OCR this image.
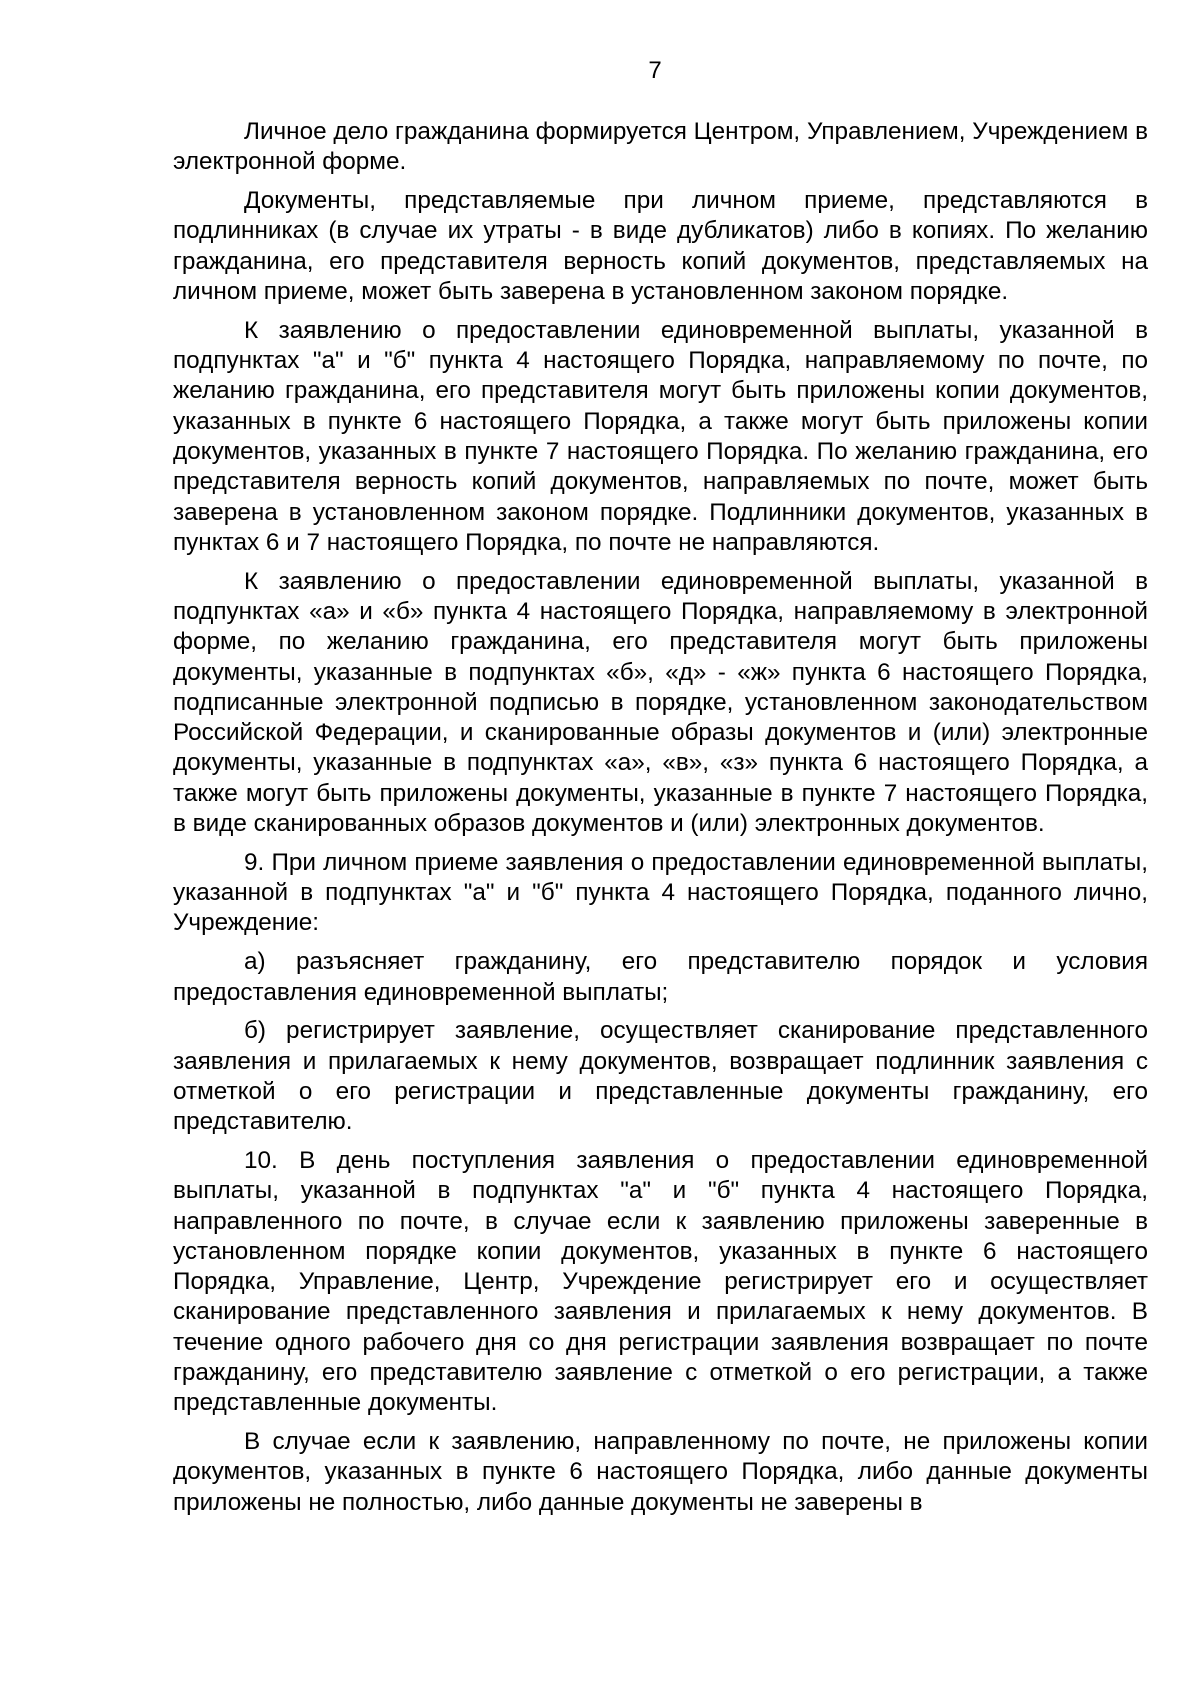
7

Личное дело гражданина формируется Центром, Управлением, Учреждением в электронной форме.

Документы, представляемые при личном приеме, представляются в подлинниках (в случае их утраты - в виде дубликатов) либо в копиях. По желанию гражданина, его представителя верность копий документов, представляемых на личном приеме, может быть заверена в установленном законом порядке.

К заявлению о предоставлении единовременной выплаты, указанной в подпунктах "а" и "б" пункта 4 настоящего Порядка, направляемому по почте, по желанию гражданина, его представителя могут быть приложены копии документов, указанных в пункте 6 настоящего Порядка, а также могут быть приложены копии документов, указанных в пункте 7 настоящего Порядка. По желанию гражданина, его представителя верность копий документов, направляемых по почте, может быть заверена в установленном законом порядке. Подлинники документов, указанных в пунктах 6 и 7 настоящего Порядка, по почте не направляются.

К заявлению о предоставлении единовременной выплаты, указанной в подпунктах «а» и «б» пункта 4 настоящего Порядка, направляемому в электронной форме, по желанию гражданина, его представителя могут быть приложены документы, указанные в подпунктах «б», «д» - «ж» пункта 6 настоящего Порядка, подписанные электронной подписью в порядке, установленном законодательством Российской Федерации, и сканированные образы документов и (или) электронные документы, указанные в подпунктах «а», «в», «з» пункта 6 настоящего Порядка, а также могут быть приложены документы, указанные в пункте 7 настоящего Порядка, в виде сканированных образов документов и (или) электронных документов.

9. При личном приеме заявления о предоставлении единовременной выплаты, указанной в подпунктах "а" и "б" пункта 4 настоящего Порядка, поданного лично, Учреждение:

а) разъясняет гражданину, его представителю порядок и условия предоставления единовременной выплаты;

б) регистрирует заявление, осуществляет сканирование представленного заявления и прилагаемых к нему документов, возвращает подлинник заявления с отметкой о его регистрации и представленные документы гражданину, его представителю.

10. В день поступления заявления о предоставлении единовременной выплаты, указанной в подпунктах "а" и "б" пункта 4 настоящего Порядка, направленного по почте, в случае если к заявлению приложены заверенные в установленном порядке копии документов, указанных в пункте 6 настоящего Порядка, Управление, Центр, Учреждение регистрирует его и осуществляет сканирование представленного заявления и прилагаемых к нему документов. В течение одного рабочего дня со дня регистрации заявления возвращает по почте гражданину, его представителю заявление с отметкой о его регистрации, а также представленные документы.

В случае если к заявлению, направленному по почте, не приложены копии документов, указанных в пункте 6 настоящего Порядка, либо данные документы приложены не полностью, либо данные документы не заверены в
